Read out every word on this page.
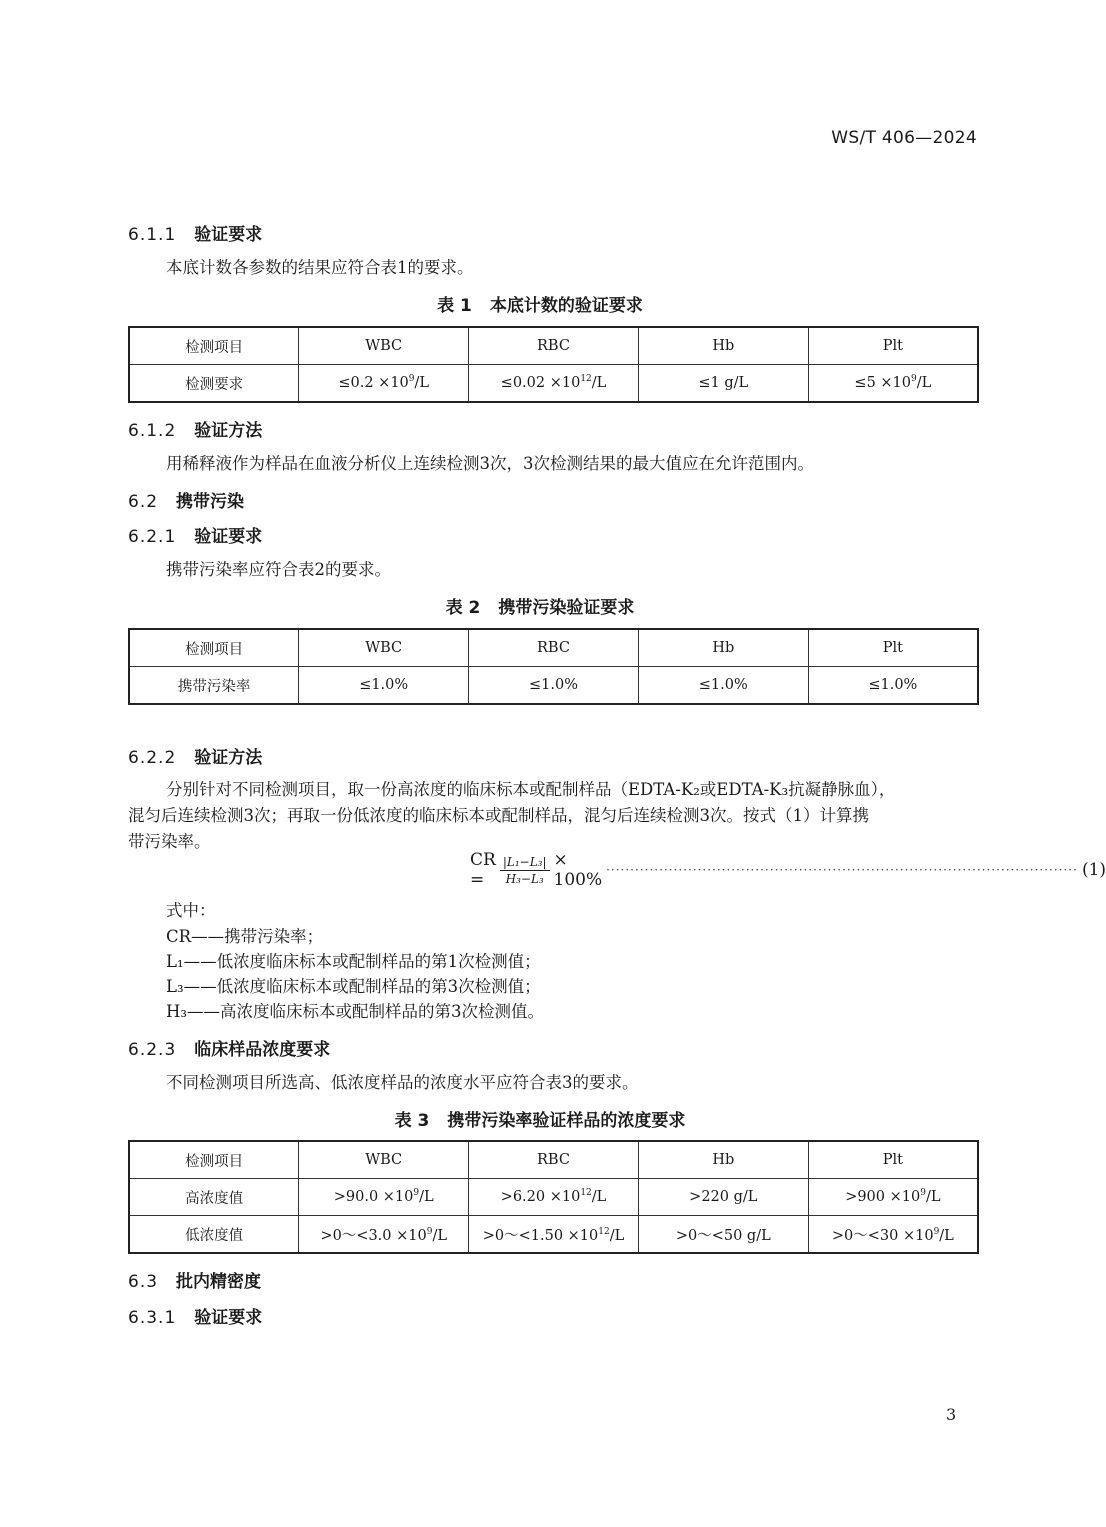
WS/T 406—2024
6.1.1 验证要求
本底计数各参数的结果应符合表1的要求。
表 1 本底计数的验证要求
检测项目	WBC	RBC	Hb	Plt
检测要求	$\le 0.2 \times 10^9/L$	$\le 0.02 \times 10^{12}/L$	≤1 g/L	$\le 5 \times 10^9/L$
6.1.2 验证方法
用稀释液作为样品在血液分析仪上连续检测3次，3次检测结果的最大值应在允许范围内。
6.2 携带污染
6.2.1 验证要求
携带污染率应符合表2的要求。
表 2 携带污染验证要求
检测项目	WBC	RBC	Hb	Plt
携带污染率	≤1.0%	≤1.0%	≤1.0%	≤1.0%
6.2.2 验证方法
分别针对不同检测项目，取一份高浓度的临床标本或配制样品（EDTA-K₂或EDTA-K₃抗凝静脉血），
混匀后连续检测3次；再取一份低浓度的临床标本或配制样品，混匀后连续检测3次。按式（1）计算携
带污染率。
CR =	$\frac{\text{|L₁−L₃|}}{\text{H₃−L₃}} \times 100\%$ ·································································································· (1)
式中：
CR——携带污染率；
L₁——低浓度临床标本或配制样品的第1次检测值；
L₃——低浓度临床标本或配制样品的第3次检测值；
H₃——高浓度临床标本或配制样品的第3次检测值。
6.2.3 临床样品浓度要求
不同检测项目所选高、低浓度样品的浓度水平应符合表3的要求。
表 3 携带污染率验证样品的浓度要求
检测项目	WBC	RBC	Hb	Plt
高浓度值	$>90.0 \times 10^9/L$	$>6.20 \times 10^{12}/L$	>220 g/L	$>900 \times 10^9/L$
低浓度值	>0～<3.0 $\times 10^9/L$	>0～<1.50 $\times 10^{12}/L$	>0～<50 g/L	>0～<30 $\times 10^9/L$
6.3 批内精密度
6.3.1 验证要求
3
